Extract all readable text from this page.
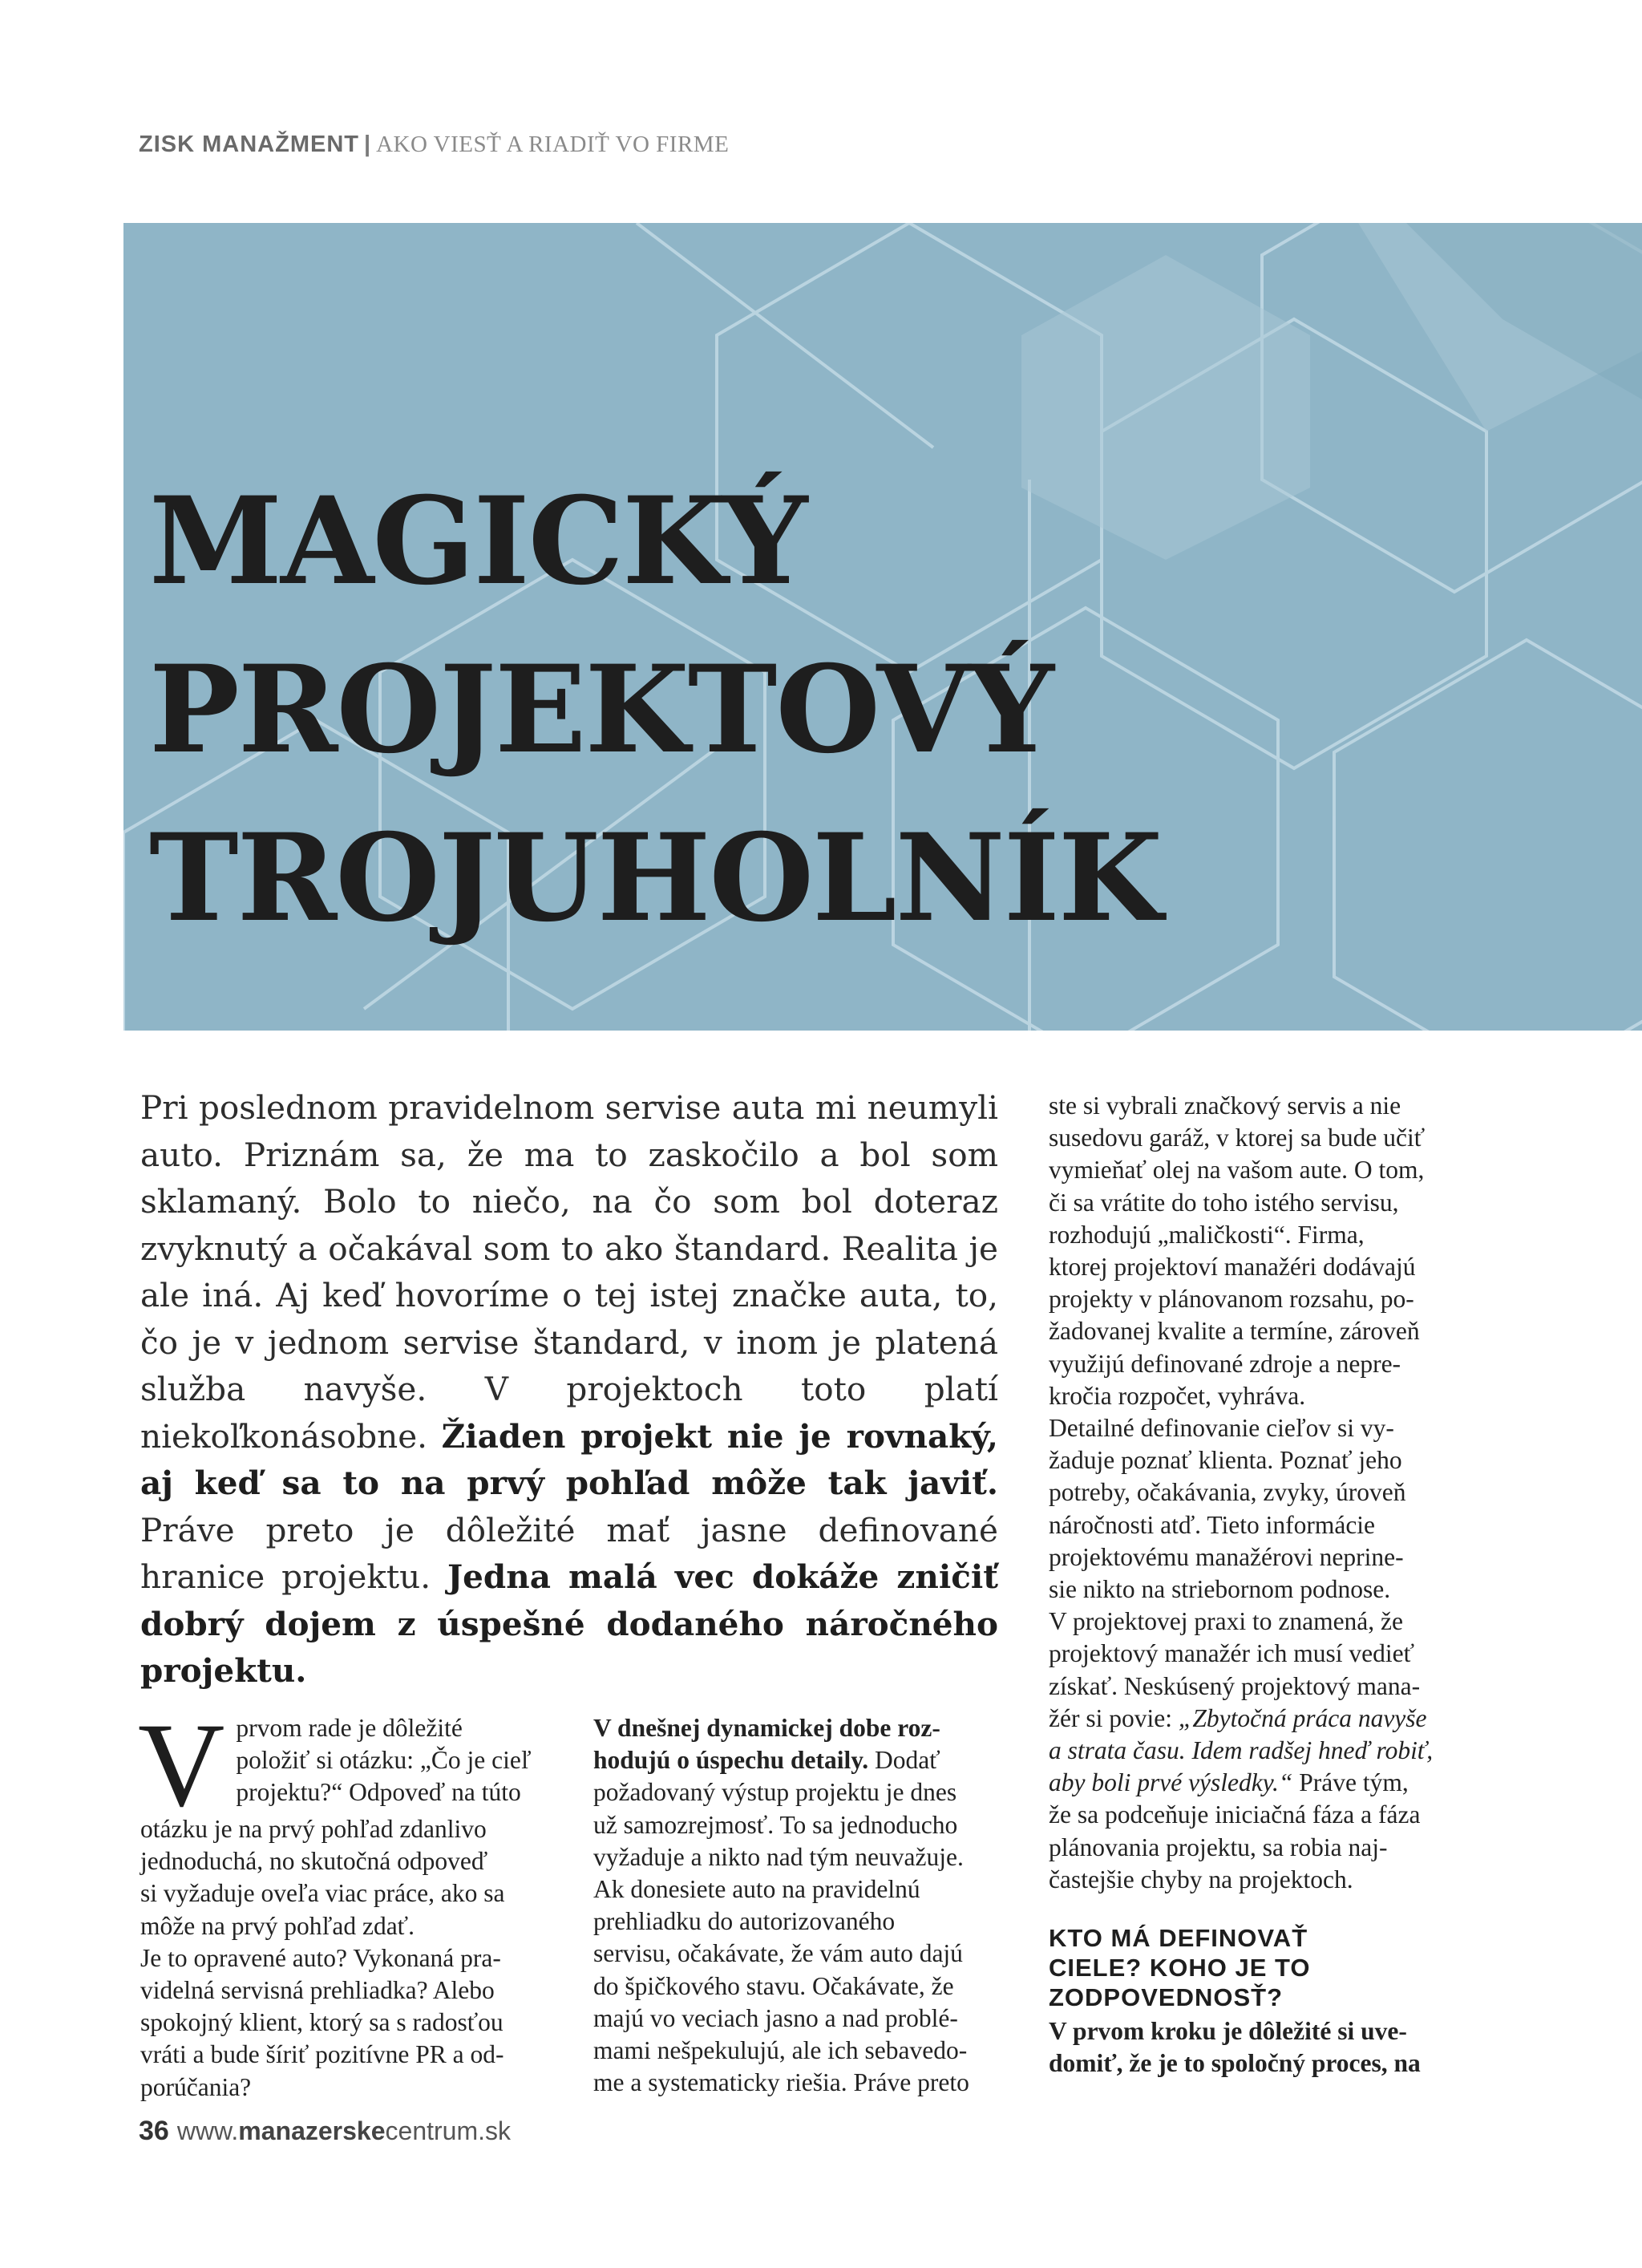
ZISK MANAŽMENT | AKO VIESŤ A RIADIŤ VO FIRME
MAGICKÝ
PROJEKTOVÝ
TROJUHOLNÍK
Pri poslednom pravidelnom servise auta mi neumyli auto. Priznám sa, že ma to zaskočilo a bol som sklamaný. Bolo to niečo, na čo som bol doteraz zvyknutý a očakával som to ako štandard. Realita je ale iná. Aj keď hovoríme o tej istej značke auta, to, čo je v jednom servise štandard, v inom je platená služba navyše. V projektoch toto platí niekoľkonásobne. Žiaden projekt nie je rovnaký, aj keď sa to na prvý pohľad môže tak javiť. Práve preto je dôležité mať jasne definované hranice projektu. Jedna malá vec dokáže zničiť dobrý dojem z úspešné dodaného náročného projektu.
V prvom rade je dôležité
položiť si otázku: „Čo je cieľ
projektu?“ Odpoveď na túto
otázku je na prvý pohľad zdanlivo
jednoduchá, no skutočná odpoveď
si vyžaduje oveľa viac práce, ako sa
môže na prvý pohľad zdať.
Je to opravené auto? Vykonaná pra-
videlná servisná prehliadka? Alebo
spokojný klient, ktorý sa s radosťou
vráti a bude šíriť pozitívne PR a od-
porúčania?
V dnešnej dynamickej dobe roz-
hodujú o úspechu detaily. Dodať
požadovaný výstup projektu je dnes
už samozrejmosť. To sa jednoducho
vyžaduje a nikto nad tým neuvažuje.
Ak donesiete auto na pravidelnú
prehliadku do autorizovaného
servisu, očakávate, že vám auto dajú
do špičkového stavu. Očakávate, že
majú vo veciach jasno a nad problé-
mami nešpekulujú, ale ich sebavedo-
me a systematicky riešia. Práve preto
ste si vybrali značkový servis a nie
susedovu garáž, v ktorej sa bude učiť
vymieňať olej na vašom aute. O tom,
či sa vrátite do toho istého servisu,
rozhodujú „maličkosti“. Firma,
ktorej projektoví manažéri dodávajú
projekty v plánovanom rozsahu, po-
žadovanej kvalite a termíne, zároveň
využijú definované zdroje a nepre-
kročia rozpočet, vyhráva.
Detailné definovanie cieľov si vy-
žaduje poznať klienta. Poznať jeho
potreby, očakávania, zvyky, úroveň
náročnosti atď. Tieto informácie
projektovému manažérovi neprine-
sie nikto na striebornom podnose.
V projektovej praxi to znamená, že
projektový manažér ich musí vedieť
získať. Neskúsený projektový mana-
žér si povie: „Zbytočná práca navyše
a strata času. Idem radšej hneď robiť,
aby boli prvé výsledky.“ Práve tým,
že sa podceňuje iniciačná fáza a fáza
plánovania projektu, sa robia naj-
častejšie chyby na projektoch.
KTO MÁ DEFINOVAŤ
CIELE? KOHO JE TO
ZODPOVEDNOSŤ?
V prvom kroku je dôležité si uve-
domiť, že je to spoločný proces, na
36 www.manazerskecentrum.sk
